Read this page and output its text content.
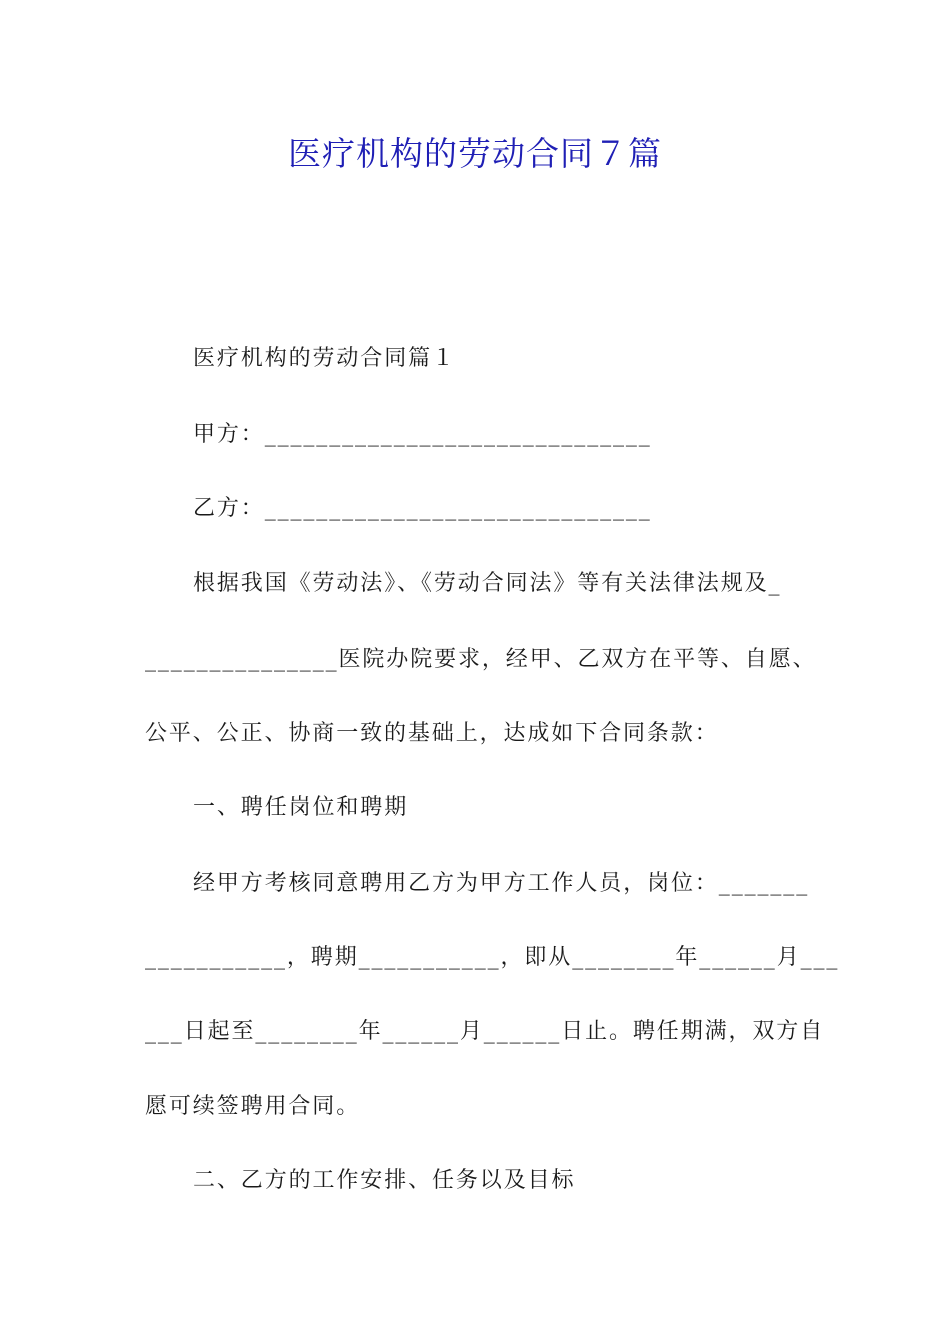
医疗机构的劳动合同７篇

医疗机构的劳动合同篇１

甲方：______________________________

乙方：______________________________

根据我国《劳动法》、《劳动合同法》等有关法律法规及_

_______________医院办院要求，经甲、乙双方在平等、自愿、

公平、公正、协商一致的基础上，达成如下合同条款：

一、聘任岗位和聘期

经甲方考核同意聘用乙方为甲方工作人员，岗位：_______

___________，聘期___________，即从________年______月___

___日起至________年______月______日止。聘任期满，双方自

愿可续签聘用合同。

二、乙方的工作安排、任务以及目标
